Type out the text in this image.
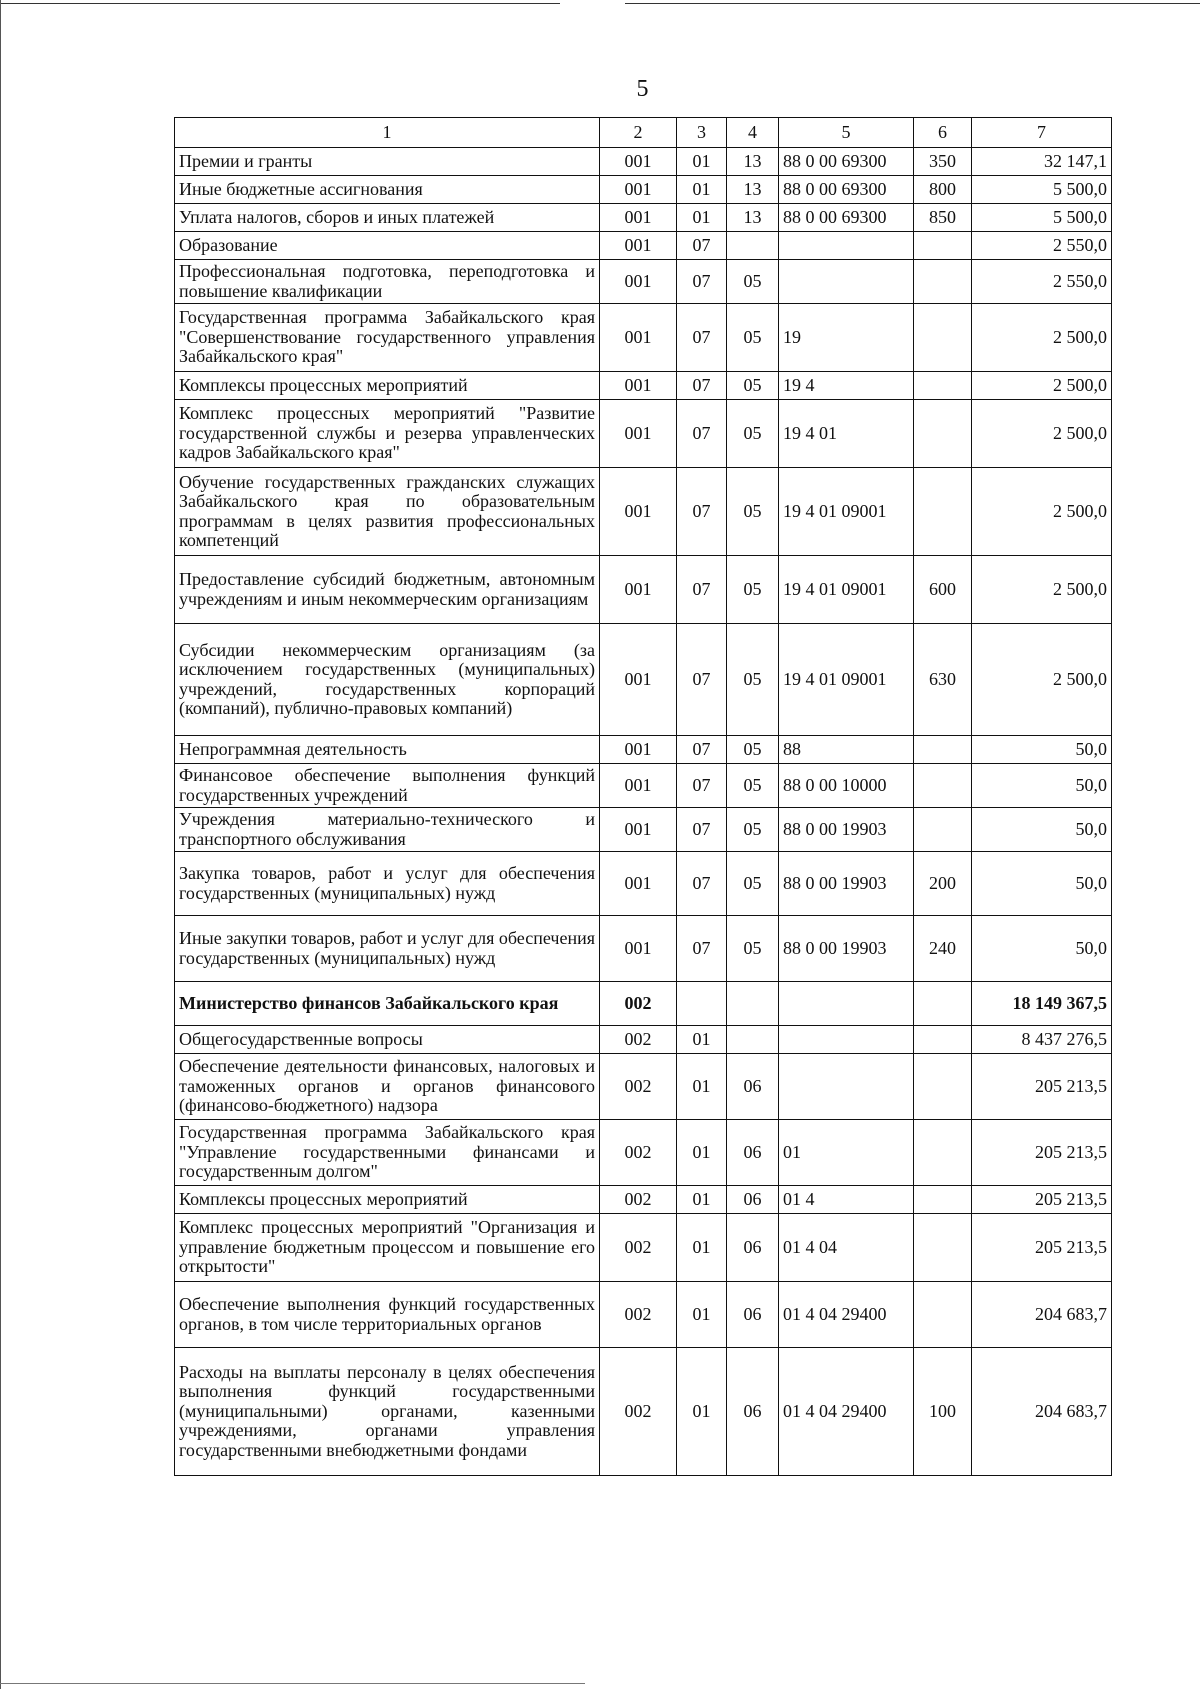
5
1	2	3	4	5	6	7
Премии и гранты	001	01	13	88 0 00 69300	350	32 147,1
Иные бюджетные ассигнования	001	01	13	88 0 00 69300	800	5 500,0
Уплата налогов, сборов и иных платежей	001	01	13	88 0 00 69300	850	5 500,0
Образование	001	07				2 550,0
Профессиональная подготовка, переподготовка и повышение квалификации	001	07	05			2 550,0
Государственная программа Забайкальского края "Совершенствование государственного управления Забайкальского края"	001	07	05	19		2 500,0
Комплексы процессных мероприятий	001	07	05	19 4		2 500,0
Комплекс процессных мероприятий "Развитие государственной службы и резерва управленческих кадров Забайкальского края"	001	07	05	19 4 01		2 500,0
Обучение государственных гражданских служащих Забайкальского края по образовательным программам в целях развития профессиональных компетенций	001	07	05	19 4 01 09001		2 500,0
Предоставление субсидий бюджетным, автономным учреждениям и иным некоммерческим организациям	001	07	05	19 4 01 09001	600	2 500,0
Субсидии некоммерческим организациям (за исключением государственных (муниципальных) учреждений, государственных корпораций (компаний), публично-правовых компаний)	001	07	05	19 4 01 09001	630	2 500,0
Непрограммная деятельность	001	07	05	88		50,0
Финансовое обеспечение выполнения функций государственных учреждений	001	07	05	88 0 00 10000		50,0
Учреждения материально-технического и транспортного обслуживания	001	07	05	88 0 00 19903		50,0
Закупка товаров, работ и услуг для обеспечения государственных (муниципальных) нужд	001	07	05	88 0 00 19903	200	50,0
Иные закупки товаров, работ и услуг для обеспечения государственных (муниципальных) нужд	001	07	05	88 0 00 19903	240	50,0
Министерство финансов Забайкальского края	002					18 149 367,5
Общегосударственные вопросы	002	01				8 437 276,5
Обеспечение деятельности финансовых, налоговых и таможенных органов и органов финансового (финансово-бюджетного) надзора	002	01	06			205 213,5
Государственная программа Забайкальского края "Управление государственными финансами и государственным долгом"	002	01	06	01		205 213,5
Комплексы процессных мероприятий	002	01	06	01 4		205 213,5
Комплекс процессных мероприятий "Организация и управление бюджетным процессом и повышение его открытости"	002	01	06	01 4 04		205 213,5
Обеспечение выполнения функций государственных органов, в том числе территориальных органов	002	01	06	01 4 04 29400		204 683,7
Расходы на выплаты персоналу в целях обеспечения выполнения функций государственными (муниципальными) органами, казенными учреждениями, органами управления государственными внебюджетными фондами	002	01	06	01 4 04 29400	100	204 683,7
